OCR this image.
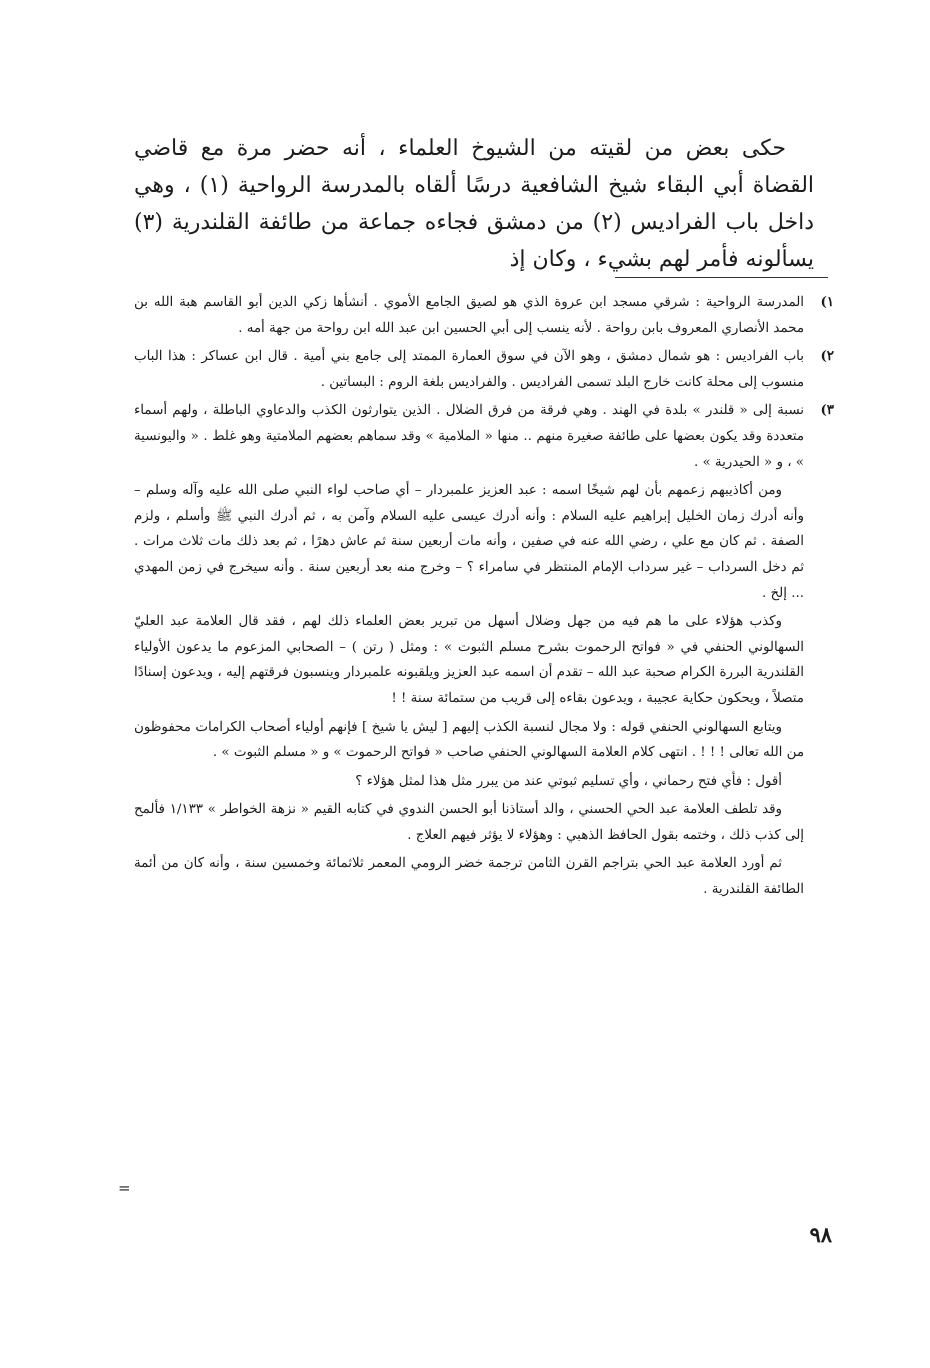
حكى بعض من لقيته من الشيوخ العلماء ، أنه حضر مرة مع قاضي القضاة أبي البقاء شيخ الشافعية درسًا ألقاه بالمدرسة الرواحية (١) ، وهي داخل باب الفراديس (٢) من دمشق فجاءه جماعة من طائفة القلندرية (٣) يسألونه فأمر لهم بشيء ، وكان إذ

١)

المدرسة الرواحية : شرقي مسجد ابن عروة الذي هو لصيق الجامع الأموي . أنشأها زكي الدين أبو القاسم هبة الله بن محمد الأنصاري المعروف بابن رواحة . لأنه ينسب إلى أبي الحسين ابن عبد الله ابن رواحة من جهة أمه .

٢)

باب الفراديس : هو شمال دمشق ، وهو الآن في سوق العمارة الممتد إلى جامع بني أمية . قال ابن عساكر : هذا الباب منسوب إلى محلة كانت خارج البلد تسمى الفراديس . والفراديس بلغة الروم : البساتين .

٣)

نسبة إلى « قلندر » بلدة في الهند . وهي فرقة من فرق الضلال . الذين يتوارثون الكذب والدعاوي الباطلة ، ولهم أسماء متعددة وقد يكون بعضها على طائفة صغيرة منهم .. منها « الملامية » وقد سماهم بعضهم الملامتية وهو غلط . « واليونسية » ، و « الحيدرية » .

ومن أكاذيبهم زعمهم بأن لهم شيخًا اسمه : عبد العزيز علمبردار – أي صاحب لواء النبي صلى الله عليه وآله وسلم – وأنه أدرك زمان الخليل إبراهيم عليه السلام : وأنه أدرك عيسى عليه السلام وآمن به ، ثم أدرك النبي ﷺ وأسلم ، ولزم الصفة . ثم كان مع علي ، رضي الله عنه في صفين ، وأنه مات أربعين سنة ثم عاش دهرًا ، ثم بعد ذلك مات ثلاث مرات . ثم دخل السرداب – غير سرداب الإمام المنتظر في سامراء ؟ – وخرج منه بعد أربعين سنة . وأنه سيخرج في زمن المهدي ... إلخ .

وكذب هؤلاء على ما هم فيه من جهل وضلال أسهل من تبرير بعض العلماء ذلك لهم ، فقد قال العلامة عبد العليّ السهالوني الحنفي في « فواتح الرحموت بشرح مسلم الثبوت » : ومثل ( رتن ) – الصحابي المزعوم ما يدعون الأولياء القلندرية البررة الكرام صحبة عبد الله – تقدم أن اسمه عبد العزيز ويلقبونه علمبردار وينسبون فرقتهم إليه ، ويدعون إسنادًا متصلاً ، ويحكون حكاية عجيبة ، ويدعون بقاءه إلى قريب من ستمائة سنة ! !

ويتابع السهالوني الحنفي قوله : ولا مجال لنسبة الكذب إليهم [ ليش يا شيخ ] فإنهم أولياء أصحاب الكرامات محفوظون من الله تعالى ! ! ! . انتهى كلام العلامة السهالوني الحنفي صاحب « فواتح الرحموت » و « مسلم الثبوت » .

أقول : فأي فتح رحماني ، وأي تسليم ثبوتي عند من يبرر مثل هذا لمثل هؤلاء ؟

وقد تلطف العلامة عبد الحي الحسني ، والد أستاذنا أبو الحسن الندوي في كتابه القيم « نزهة الخواطر » ١/١٣٣ فألمح إلى كذب ذلك ، وختمه بقول الحافظ الذهبي : وهؤلاء لا يؤثر فيهم العلاج .

ثم أورد العلامة عبد الحي بتراجم القرن الثامن ترجمة خضر الرومي المعمر ثلاثمائة وخمسين سنة ، وأنه كان من أئمة الطائفة القلندرية .

=
٩٨
